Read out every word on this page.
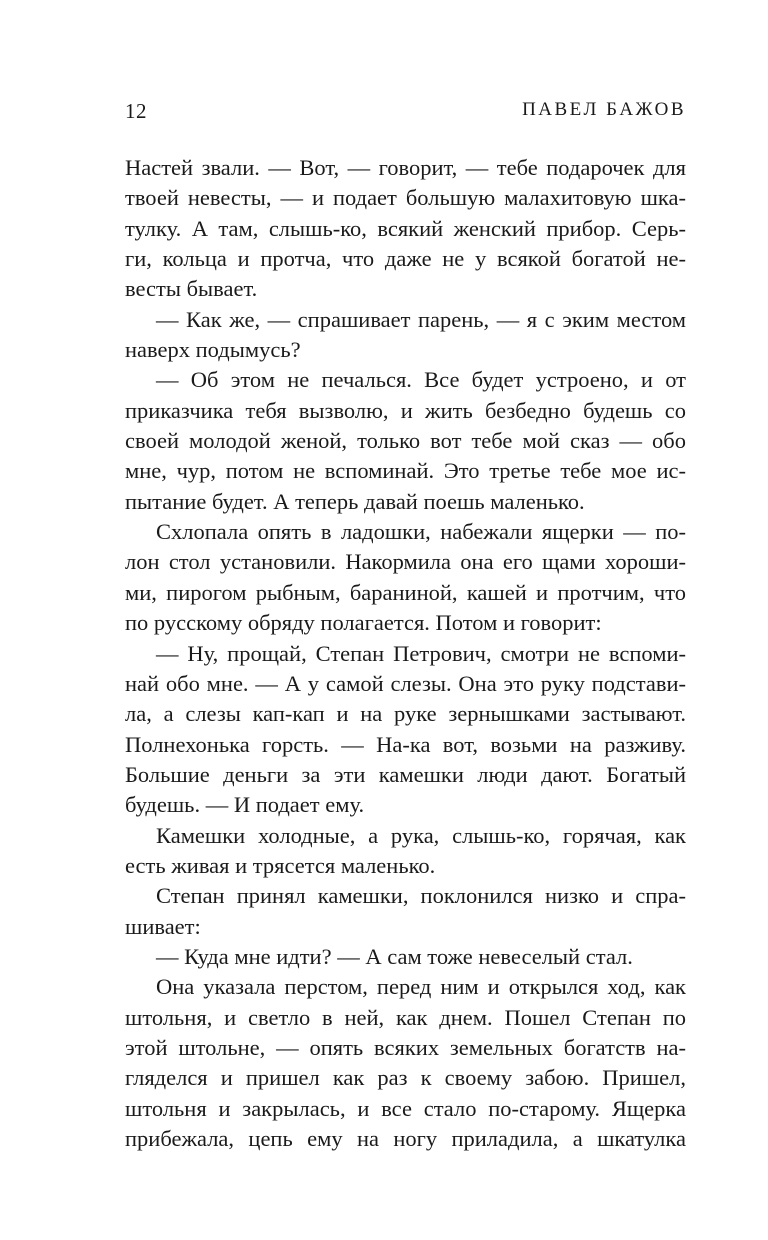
12	ПАВЕЛ БАЖОВ
Настей звали. — Вот, — говорит, — тебе подарочек для
твоей невесты, — и подает большую малахитовую шка-
тулку. А там, слышь-ко, всякий женский прибор. Серь-
ги, кольца и протча, что даже не у всякой богатой не-
весты бывает.
— Как же, — спрашивает парень, — я с эким местом
наверх подымусь?
— Об этом не печалься. Все будет устроено, и от
приказчика тебя вызволю, и жить безбедно будешь со
своей молодой женой, только вот тебе мой сказ — обо
мне, чур, потом не вспоминай. Это третье тебе мое ис-
пытание будет. А теперь давай поешь маленько.
Схлопала опять в ладошки, набежали ящерки — по-
лон стол установили. Накормила она его щами хороши-
ми, пирогом рыбным, бараниной, кашей и протчим, что
по русскому обряду полагается. Потом и говорит:
— Ну, прощай, Степан Петрович, смотри не вспоми-
най обо мне. — А у самой слезы. Она это руку подстави-
ла, а слезы кап-кап и на руке зернышками застывают.
Полнехонька горсть. — На-ка вот, возьми на разживу.
Большие деньги за эти камешки люди дают. Богатый
будешь. — И подает ему.
Камешки холодные, а рука, слышь-ко, горячая, как
есть живая и трясется маленько.
Степан принял камешки, поклонился низко и спра-
шивает:
— Куда мне идти? — А сам тоже невеселый стал.
Она указала перстом, перед ним и открылся ход, как
штольня, и светло в ней, как днем. Пошел Степан по
этой штольне, — опять всяких земельных богатств на-
гляделся и пришел как раз к своему забою. Пришел,
штольня и закрылась, и все стало по-старому. Ящерка
прибежала, цепь ему на ногу приладила, а шкатулка
